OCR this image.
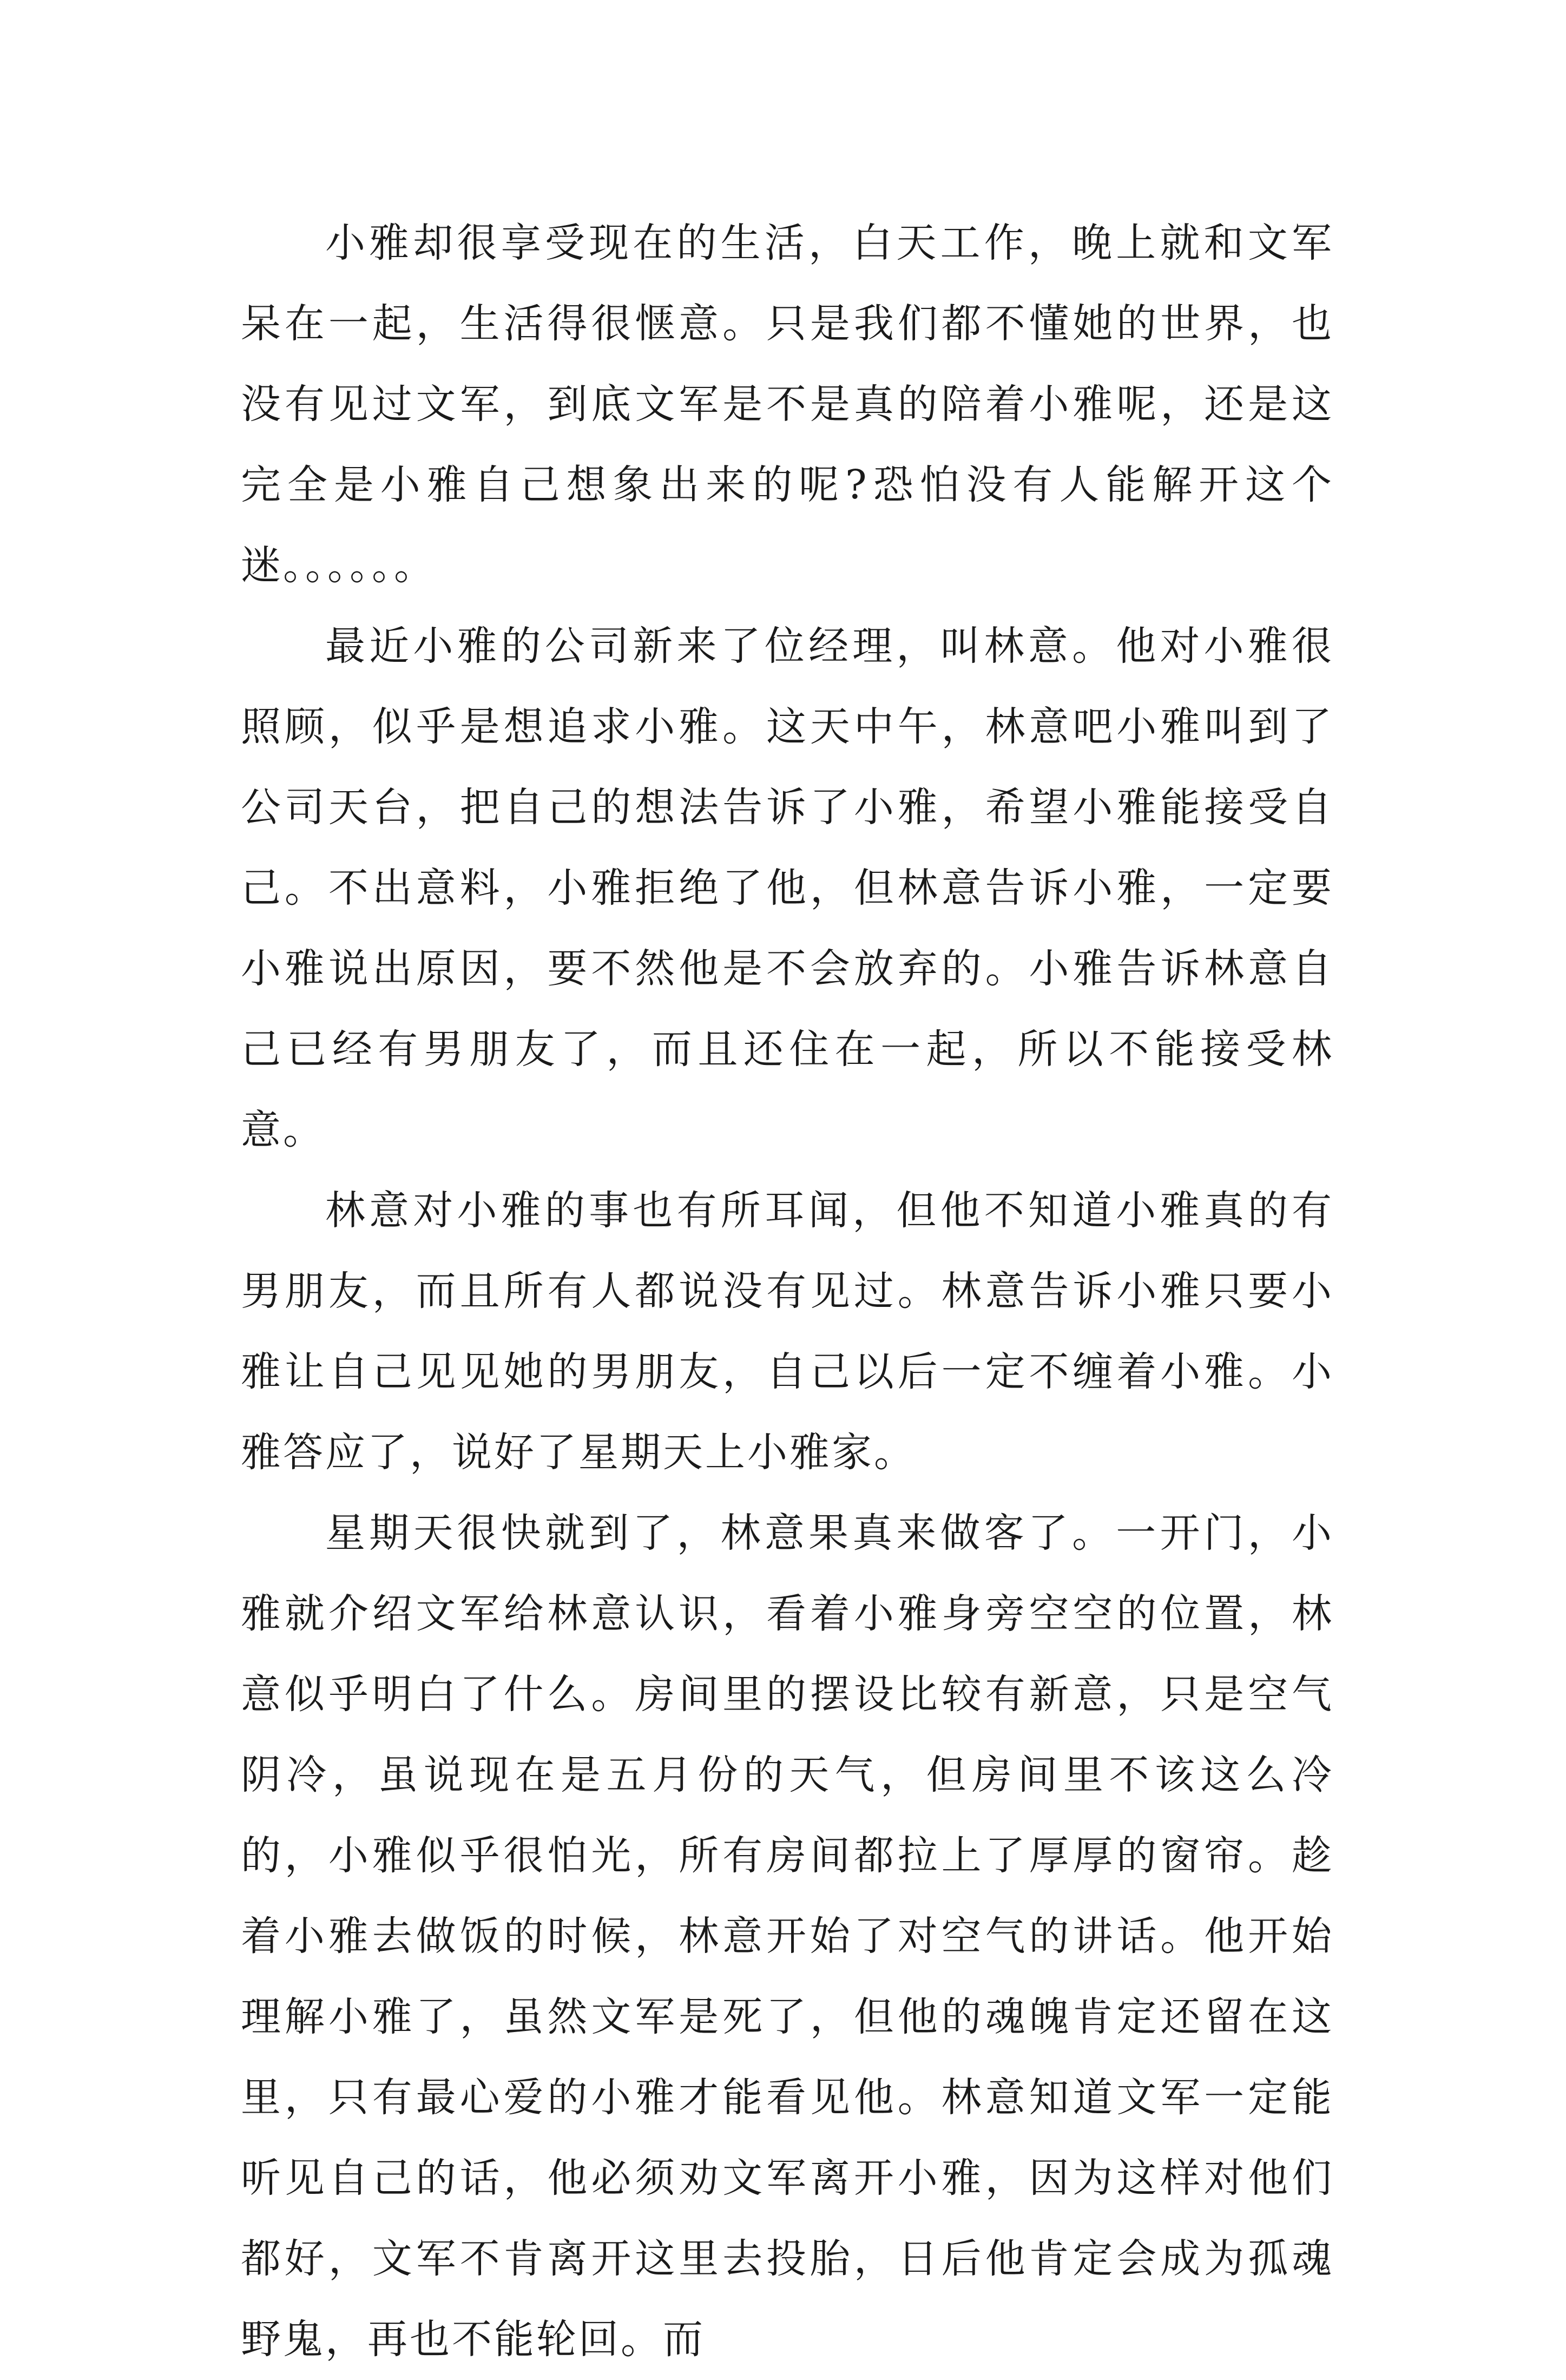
小雅却很享受现在的生活，白天工作，晚上就和文军呆在一起，生活得很惬意。只是我们都不懂她的世界，也没有见过文军，到底文军是不是真的陪着小雅呢，还是这完全是小雅自己想象出来的呢?恐怕没有人能解开这个迷。。。。。。

最近小雅的公司新来了位经理，叫林意。他对小雅很照顾，似乎是想追求小雅。这天中午，林意吧小雅叫到了公司天台，把自己的想法告诉了小雅，希望小雅能接受自己。不出意料，小雅拒绝了他，但林意告诉小雅，一定要小雅说出原因，要不然他是不会放弃的。小雅告诉林意自己已经有男朋友了，而且还住在一起，所以不能接受林意。

林意对小雅的事也有所耳闻，但他不知道小雅真的有男朋友，而且所有人都说没有见过。林意告诉小雅只要小雅让自己见见她的男朋友，自己以后一定不缠着小雅。小雅答应了，说好了星期天上小雅家。

星期天很快就到了，林意果真来做客了。一开门，小雅就介绍文军给林意认识，看着小雅身旁空空的位置，林意似乎明白了什么。房间里的摆设比较有新意，只是空气阴冷，虽说现在是五月份的天气，但房间里不该这么冷的，小雅似乎很怕光，所有房间都拉上了厚厚的窗帘。趁着小雅去做饭的时候，林意开始了对空气的讲话。他开始理解小雅了，虽然文军是死了，但他的魂魄肯定还留在这里，只有最心爱的小雅才能看见他。林意知道文军一定能听见自己的话，他必须劝文军离开小雅，因为这样对他们都好，文军不肯离开这里去投胎，日后他肯定会成为孤魂野鬼，再也不能轮回。而
